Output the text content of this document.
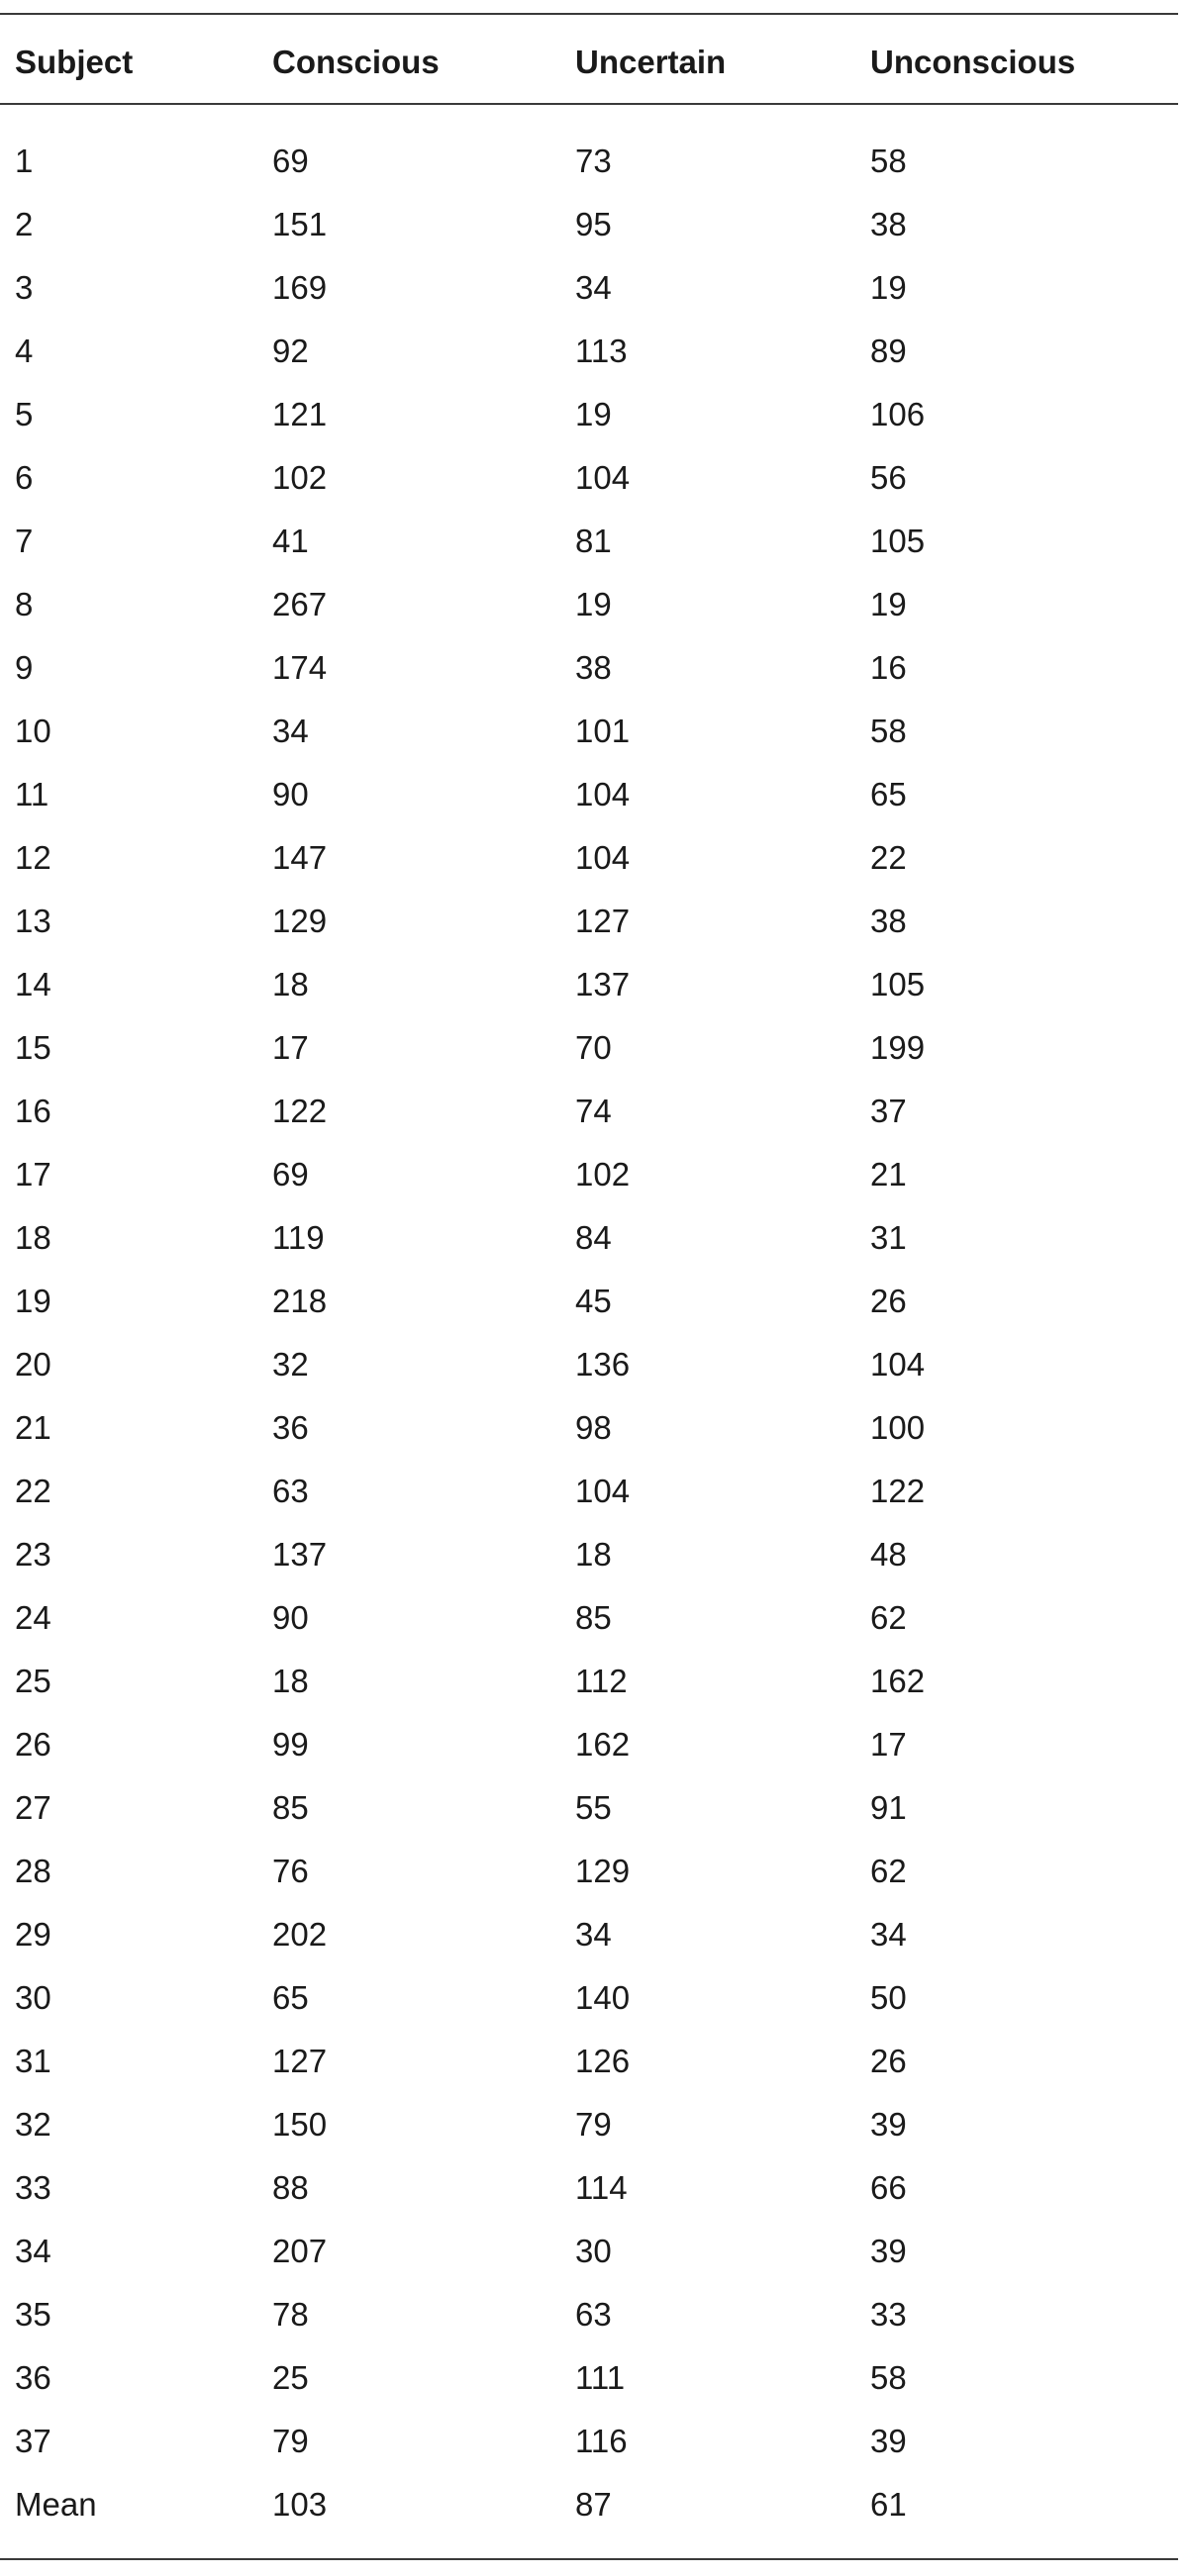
Subject	Conscious	Uncertain	Unconscious
1	69	73	58
2	151	95	38
3	169	34	19
4	92	113	89
5	121	19	106
6	102	104	56
7	41	81	105
8	267	19	19
9	174	38	16
10	34	101	58
11	90	104	65
12	147	104	22
13	129	127	38
14	18	137	105
15	17	70	199
16	122	74	37
17	69	102	21
18	119	84	31
19	218	45	26
20	32	136	104
21	36	98	100
22	63	104	122
23	137	18	48
24	90	85	62
25	18	112	162
26	99	162	17
27	85	55	91
28	76	129	62
29	202	34	34
30	65	140	50
31	127	126	26
32	150	79	39
33	88	114	66
34	207	30	39
35	78	63	33
36	25	111	58
37	79	116	39
Mean	103	87	61
